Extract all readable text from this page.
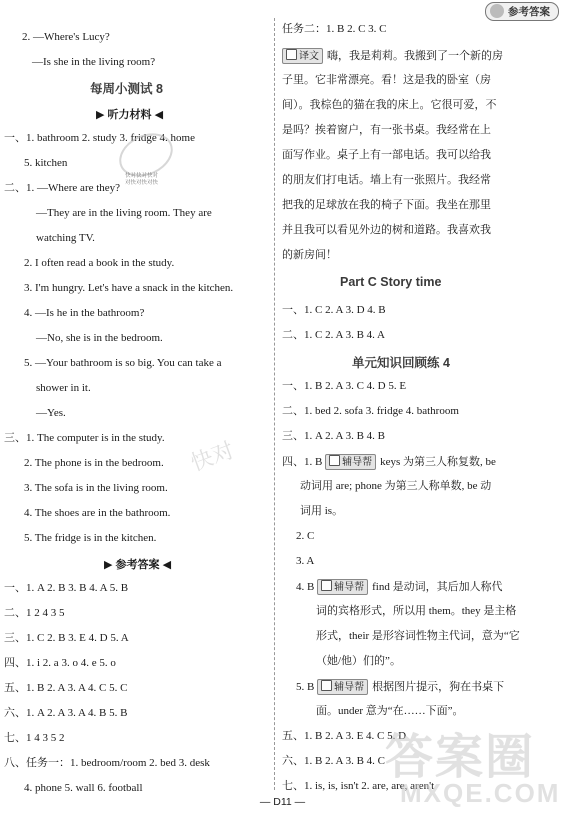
参考答案
2. —Where's Lucy?
—Is she in the living room?
每周小测试 8
▶ 听力材料 ◀
一、1. bathroom 2. study 3. fridge 4. home
5. kitchen
二、1. —Where are they?
—They are in the living room. They are
watching TV.
2. I often read a book in the study.
3. I'm hungry. Let's have a snack in the kitchen.
4. —Is he in the bathroom?
—No, she is in the bedroom.
5. —Your bathroom is so big. You can take a
shower in it.
—Yes.
三、1. The computer is in the study.
2. The phone is in the bedroom.
3. The sofa is in the living room.
4. The shoes are in the bathroom.
5. The fridge is in the kitchen.
▶ 参考答案 ◀
一、1. A 2. B 3. B 4. A 5. B
二、1 2 4 3 5
三、1. C 2. B 3. E 4. D 5. A
四、1. i 2. a 3. o 4. e 5. o
五、1. B 2. A 3. A 4. C 5. C
六、1. A 2. A 3. A 4. B 5. B
七、1 4 3 5 2
八、任务一：1. bedroom/room 2. bed 3. desk
4. phone 5. wall 6. football
快对快对快对
对快对快对快
任务二：1. B 2. C 3. C
译文 嗨，我是莉莉。我搬到了一个新的房
子里。它非常漂亮。看！这是我的卧室（房
间）。我棕色的猫在我的床上。它很可爱，不
是吗？挨着窗户，有一张书桌。我经常在上
面写作业。桌子上有一部电话。我可以给我
的朋友们打电话。墙上有一张照片。我经常
把我的足球放在我的椅子下面。我坐在那里
并且我可以看见外边的树和道路。我喜欢我
的新房间！
Part C Story time
一、1. C 2. A 3. D 4. B
二、1. C 2. A 3. B 4. A
单元知识回顾练 4
一、1. B 2. A 3. C 4. D 5. E
二、1. bed 2. sofa 3. fridge 4. bathroom
三、1. A 2. A 3. B 4. B
四、1. B 辅导帮 keys 为第三人称复数, be
动词用 are; phone 为第三人称单数, be 动
词用 is。
2. C
3. A
4. B 辅导帮 find 是动词，其后加人称代
词的宾格形式，所以用 them。they 是主格
形式，their 是形容词性物主代词，意为“它
（她/他）们的”。
5. B 辅导帮 根据图片提示，狗在书桌下
面。under 意为“在……下面”。
五、1. B 2. A 3. E 4. C 5. D
六、1. B 2. A 3. B 4. C
七、1. is, is, isn't 2. are, are, aren't
快对
答案圈
MXQE.COM
— D11 —
